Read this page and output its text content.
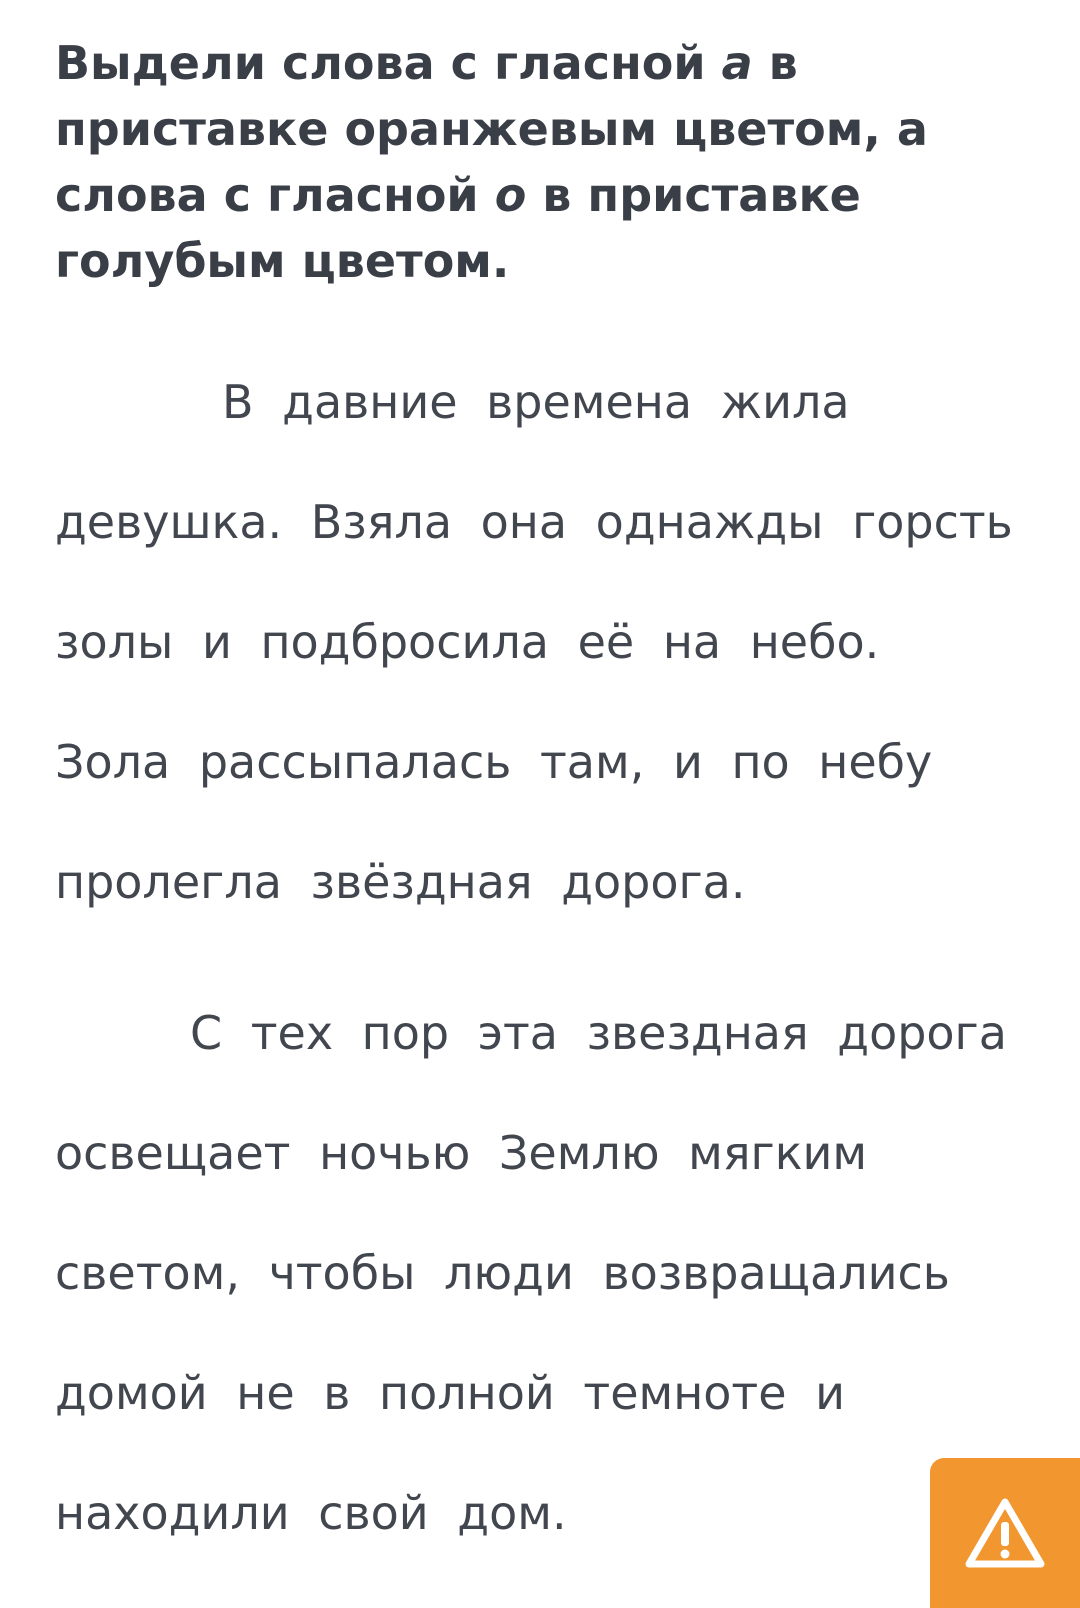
Выдели слова с гласной а в приставке оранжевым цветом, а слова с гласной о в приставке голубым цветом.

В давние времена жила
девушка. Взяла она однажды горсть
золы и подбросила её на небо.
Зола рассыпалась там, и по небу
пролегла звёздная дорога.
С тех пор эта звездная дорога
освещает ночью Землю мягким
светом, чтобы люди возвращались
домой не в полной темноте и
находили свой дом.
